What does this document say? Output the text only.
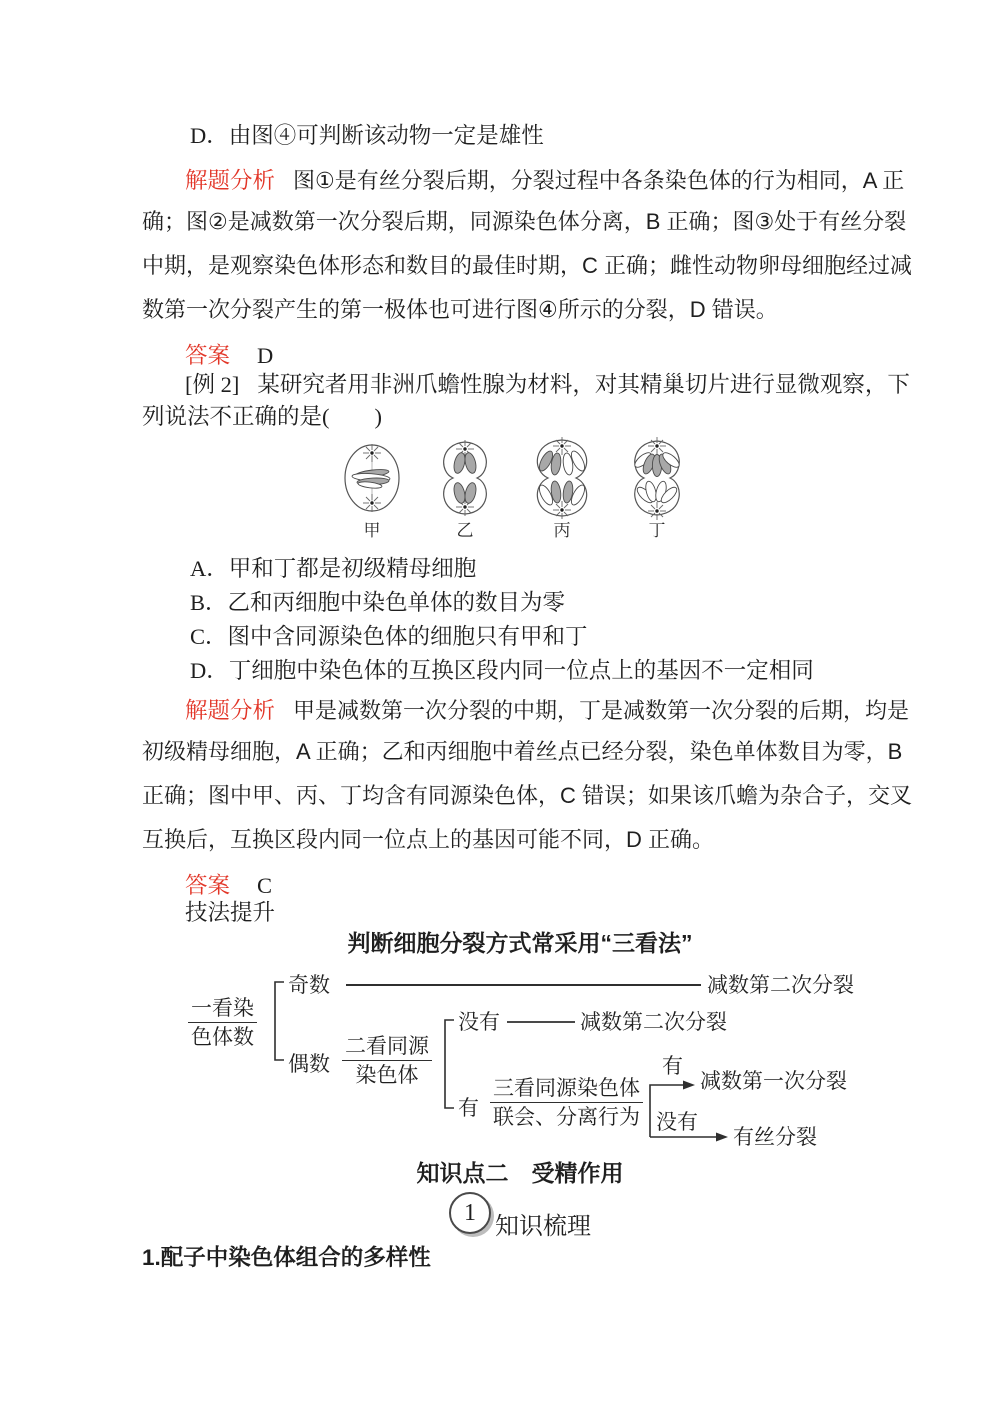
D．由图④可判断该动物一定是雄性
解题分析 图①是有丝分裂后期，分裂过程中各条染色体的行为相同，A 正
确；图②是减数第一次分裂后期，同源染色体分离，B 正确；图③处于有丝分裂
中期，是观察染色体形态和数目的最佳时期，C 正确；雌性动物卵母细胞经过减
数第一次分裂产生的第一极体也可进行图④所示的分裂，D 错误。
答案 D
[例 2] 某研究者用非洲爪蟾性腺为材料，对其精巢切片进行显微观察，下
列说法不正确的是(　　)
甲	乙	丙	丁
A．甲和丁都是初级精母细胞
B．乙和丙细胞中染色单体的数目为零
C．图中含同源染色体的细胞只有甲和丁
D．丁细胞中染色体的互换区段内同一位点上的基因不一定相同
解题分析 甲是减数第一次分裂的中期，丁是减数第一次分裂的后期，均是
初级精母细胞，A 正确；乙和丙细胞中着丝点已经分裂，染色单体数目为零，B
正确；图中甲、丙、丁均含有同源染色体，C 错误；如果该爪蟾为杂合子，交叉
互换后，互换区段内同一位点上的基因可能不同，D 正确。
答案 C
技法提升
判断细胞分裂方式常采用“三看法”
一看染
色体数
奇数	减数第二次分裂
偶数
二看同源
染色体
没有	减数第二次分裂
有
三看同源染色体
联会、分离行为
有
减数第一次分裂
没有
有丝分裂
知识点二　受精作用
1
知识梳理
1.配子中染色体组合的多样性
